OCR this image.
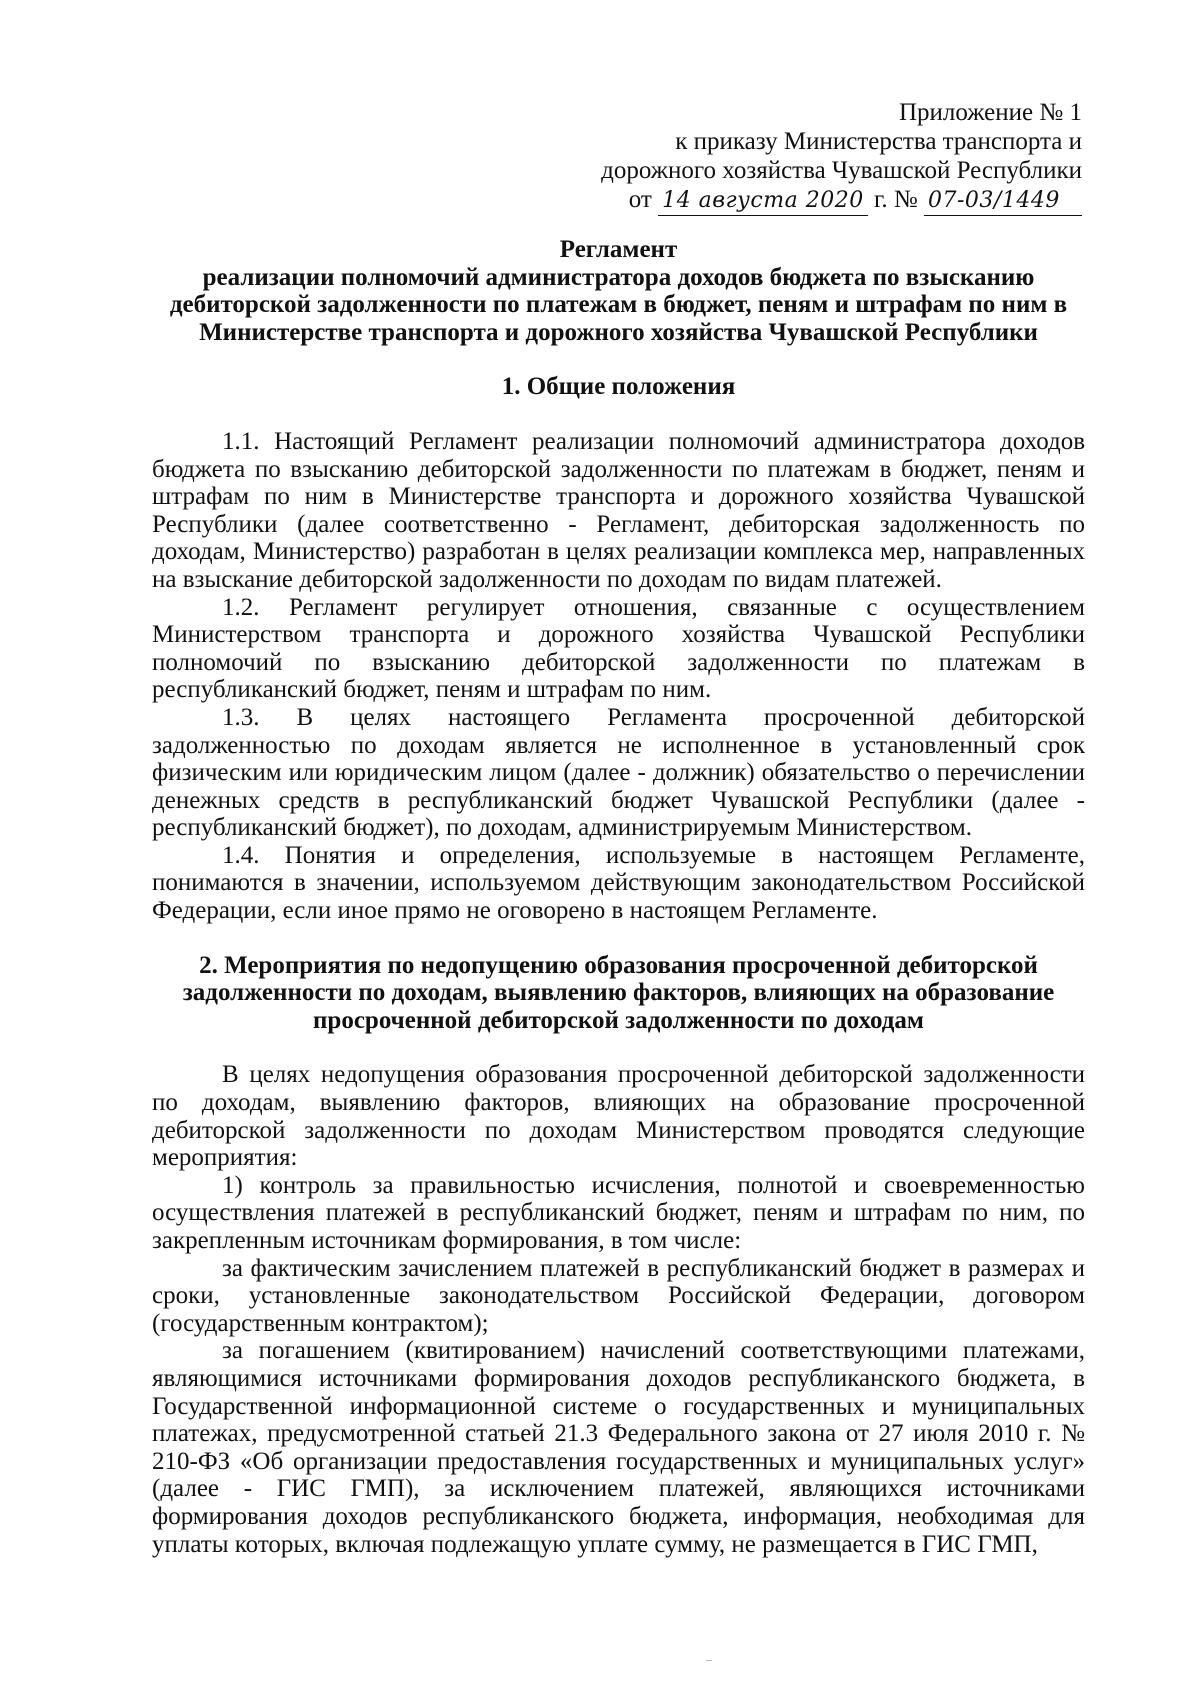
Приложение № 1
к приказу Министерства транспорта и
дорожного хозяйства Чувашской Республики
от 14 августа 2020 г. № 07-03/1449
Регламент
реализации полномочий администратора доходов бюджета по взысканию
дебиторской задолженности по платежам в бюджет, пеням и штрафам по ним в
Министерстве транспорта и дорожного хозяйства Чувашской Республики
1. Общие положения

1.1. Настоящий Регламент реализации полномочий администратора доходов бюджета по взысканию дебиторской задолженности по платежам в бюджет, пеням и штрафам по ним в Министерстве транспорта и дорожного хозяйства Чувашской Республики (далее соответственно - Регламент, дебиторская задолженность по доходам, Министерство) разработан в целях реализации комплекса мер, направленных на взыскание дебиторской задолженности по доходам по видам платежей.

1.2. Регламент регулирует отношения, связанные с осуществлением Министерством транспорта и дорожного хозяйства Чувашской Республики полномочий по взысканию дебиторской задолженности по платежам в республиканский бюджет, пеням и штрафам по ним.

1.3. В целях настоящего Регламента просроченной дебиторской задолженностью по доходам является не исполненное в установленный срок физическим или юридическим лицом (далее - должник) обязательство о перечислении денежных средств в республиканский бюджет Чувашской Республики (далее - республиканский бюджет), по доходам, администрируемым Министерством.

1.4. Понятия и определения, используемые в настоящем Регламенте, понимаются в значении, используемом действующим законодательством Российской Федерации, если иное прямо не оговорено в настоящем Регламенте.

2. Мероприятия по недопущению образования просроченной дебиторской
задолженности по доходам, выявлению факторов, влияющих на образование
просроченной дебиторской задолженности по доходам

В целях недопущения образования просроченной дебиторской задолженности по доходам, выявлению факторов, влияющих на образование просроченной дебиторской задолженности по доходам Министерством проводятся следующие мероприятия:

1) контроль за правильностью исчисления, полнотой и своевременностью осуществления платежей в республиканский бюджет, пеням и штрафам по ним, по закрепленным источникам формирования, в том числе:

за фактическим зачислением платежей в республиканский бюджет в размерах и сроки, установленные законодательством Российской Федерации, договором (государственным контрактом);

за погашением (квитированием) начислений соответствующими платежами, являющимися источниками формирования доходов республиканского бюджета, в Государственной информационной системе о государственных и муниципальных платежах, предусмотренной статьей 21.3 Федерального закона от 27 июля 2010 г. № 210-ФЗ «Об организации предоставления государственных и муниципальных услуг» (далее - ГИС ГМП), за исключением платежей, являющихся источниками формирования доходов республиканского бюджета, информация, необходимая для уплаты которых, включая подлежащую уплате сумму, не размещается в ГИС ГМП,
